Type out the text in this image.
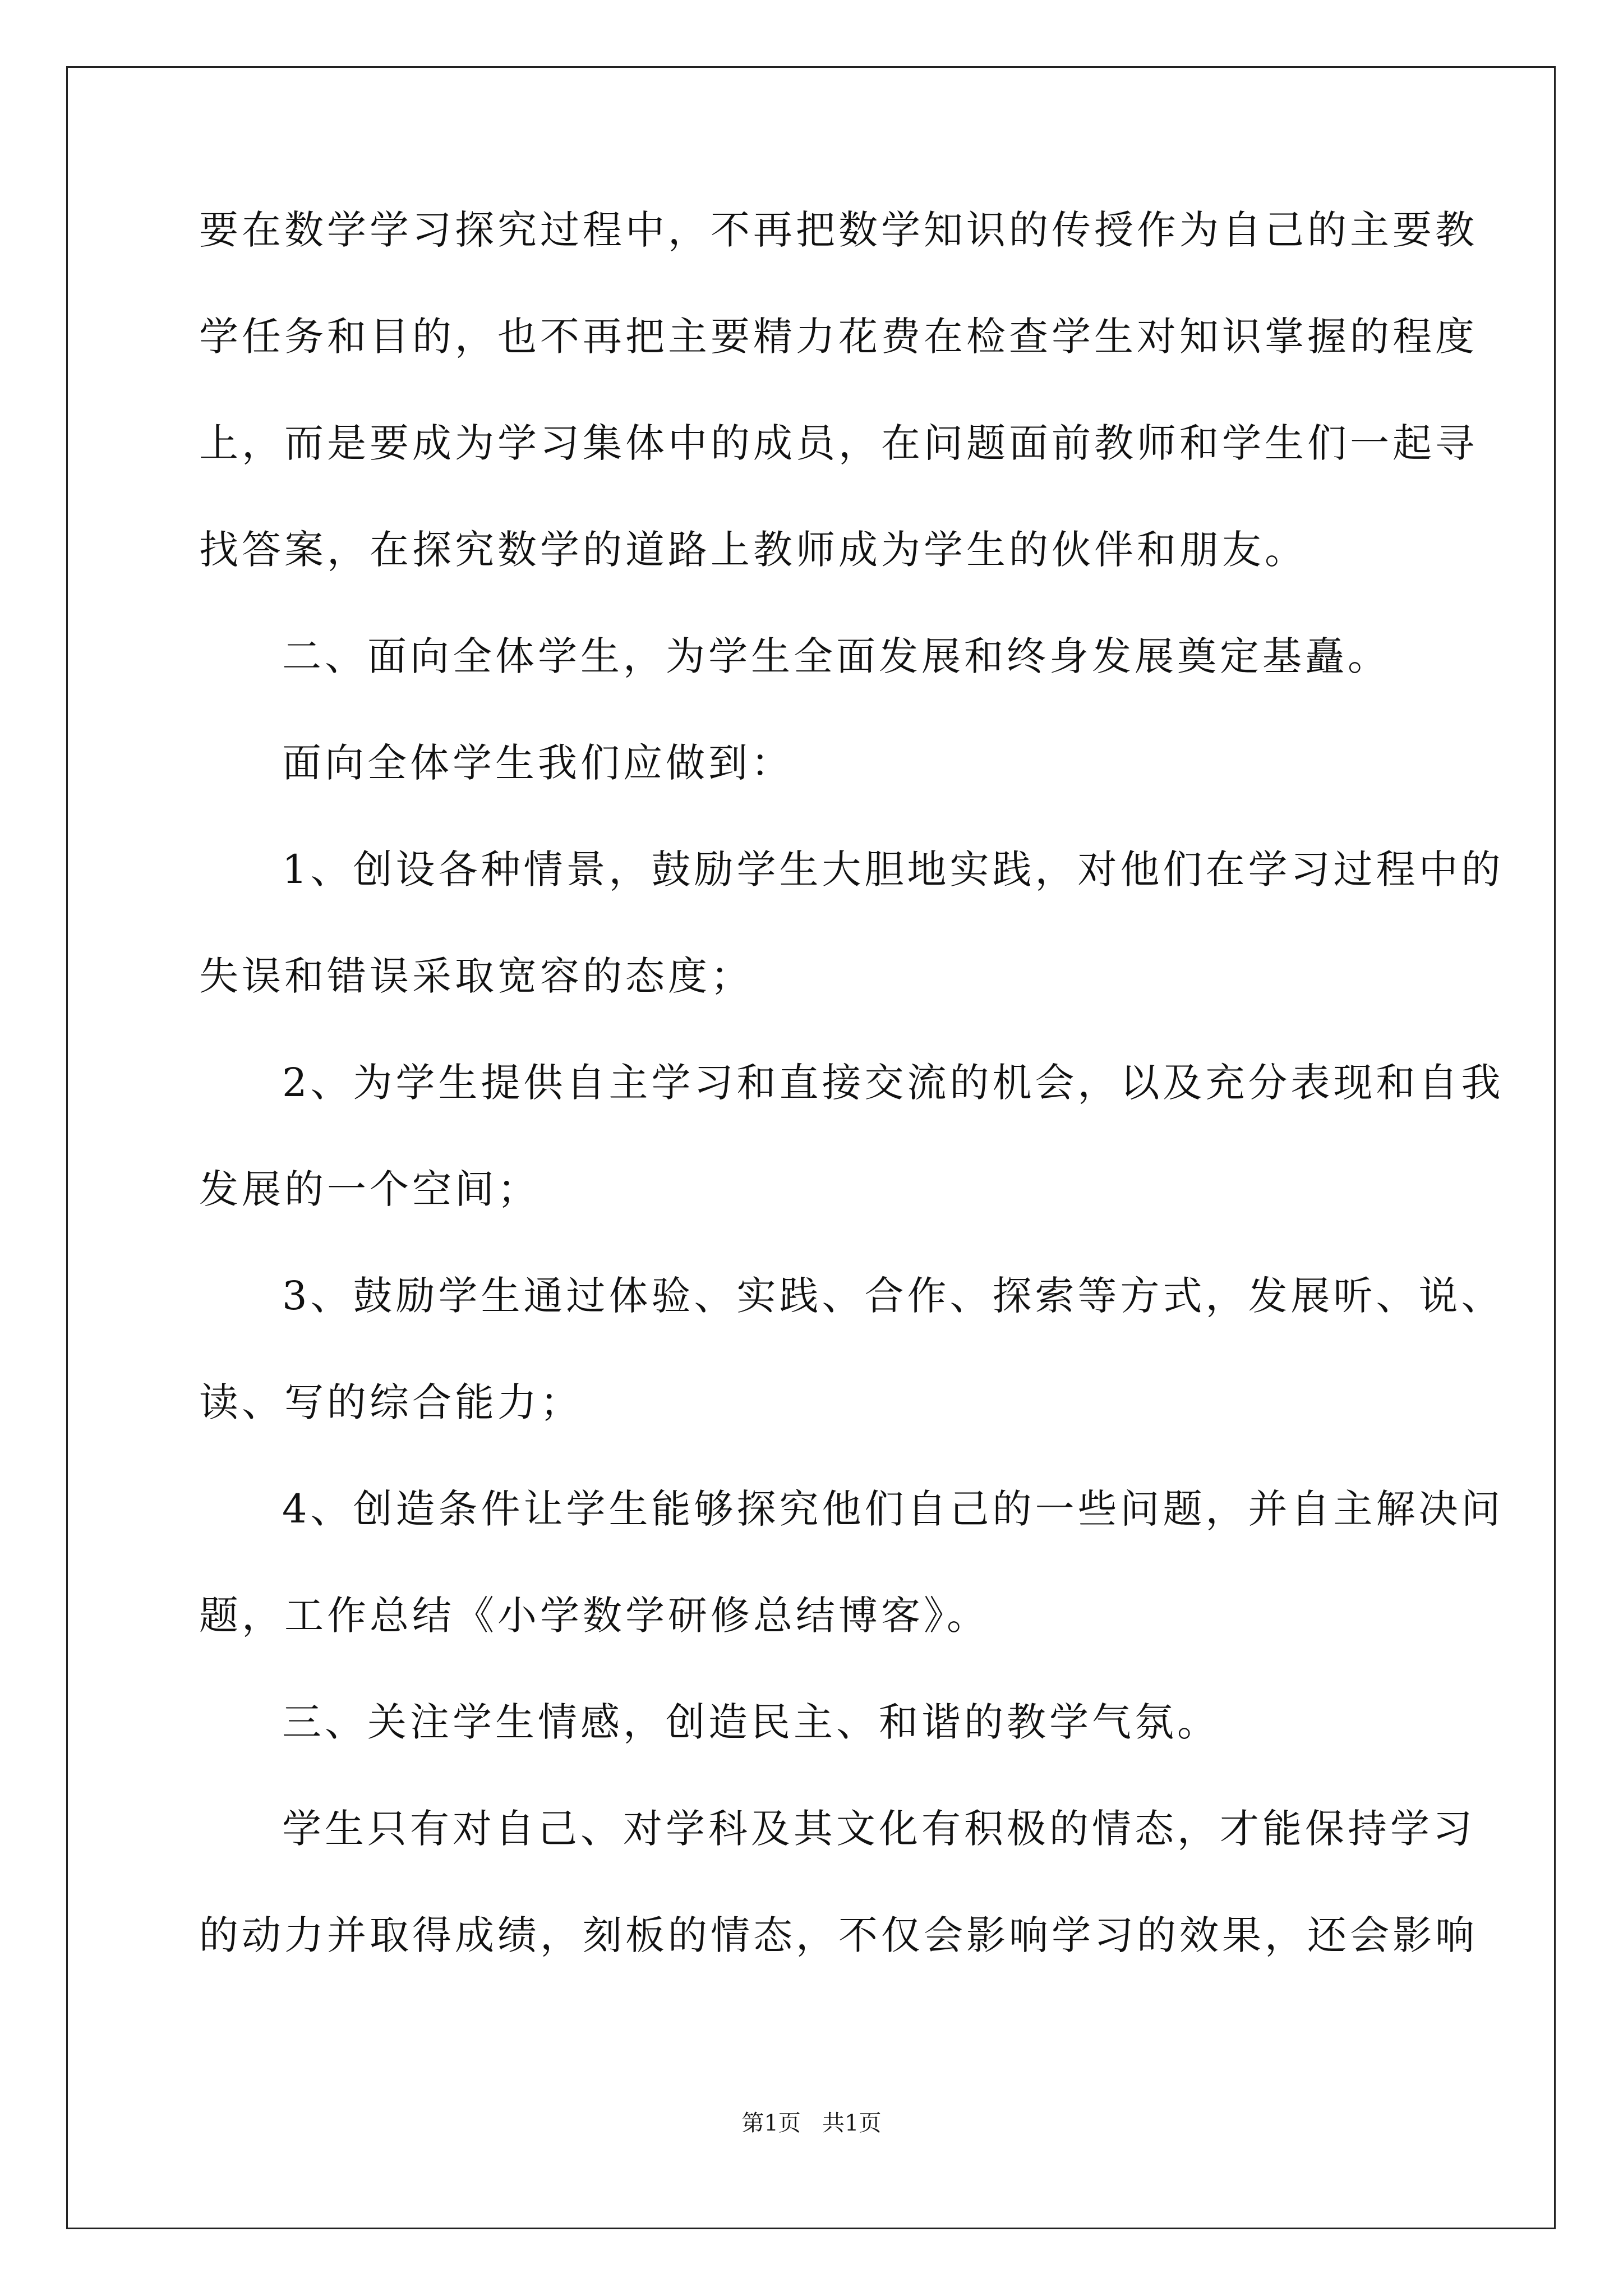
要在数学学习探究过程中，不再把数学知识的传授作为自己的主要教
学任务和目的，也不再把主要精力花费在检查学生对知识掌握的程度
上，而是要成为学习集体中的成员，在问题面前教师和学生们一起寻
找答案，在探究数学的道路上教师成为学生的伙伴和朋友。
二、面向全体学生，为学生全面发展和终身发展奠定基矗。
面向全体学生我们应做到：
1、创设各种情景，鼓励学生大胆地实践，对他们在学习过程中的
失误和错误采取宽容的态度；
2、为学生提供自主学习和直接交流的机会，以及充分表现和自我
发展的一个空间；
3、鼓励学生通过体验、实践、合作、探索等方式，发展听、说、
读、写的综合能力；
4、创造条件让学生能够探究他们自己的一些问题，并自主解决问
题，工作总结《小学数学研修总结博客》。
三、关注学生情感，创造民主、和谐的教学气氛。
学生只有对自己、对学科及其文化有积极的情态，才能保持学习
的动力并取得成绩，刻板的情态，不仅会影响学习的效果，还会影响
第1页   共1页
